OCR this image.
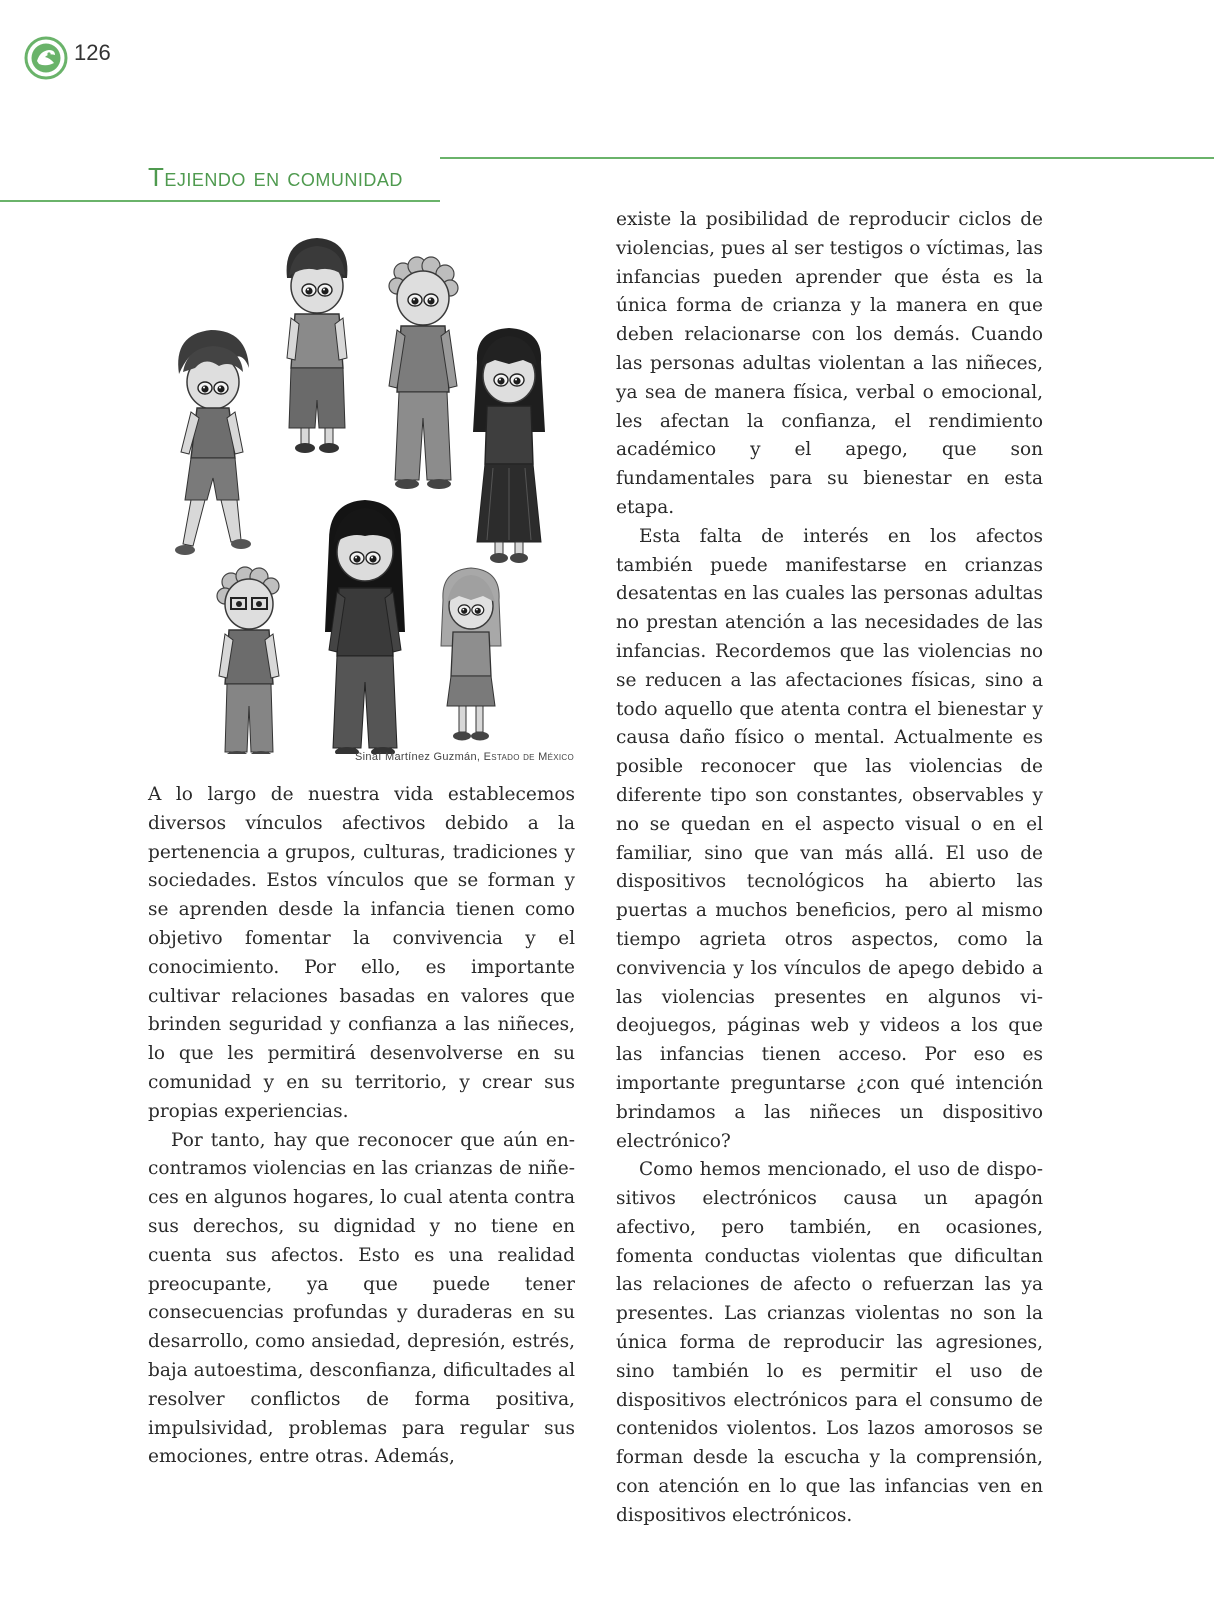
126
Tejiendo en comunidad
Sinaí Martínez Guzmán, Estado de México

A lo largo de nuestra vida establecemos diversos vínculos afectivos debido a la pertenencia a grupos, culturas, tradiciones y sociedades. Estos vínculos que se forman y se aprenden desde la infancia tienen como objetivo fomentar la convivencia y el conocimiento. Por ello, es importante cultivar relaciones basadas en valores que brinden seguridad y confianza a las niñeces, lo que les permitirá desenvolverse en su comunidad y en su territorio, y crear sus propias experiencias.

Por tanto, hay que reconocer que aún encontramos violencias en las crianzas de niñeces en algunos hogares, lo cual atenta contra sus derechos, su dignidad y no tiene en cuenta sus afectos. Esto es una realidad preocupante, ya que puede tener consecuencias profundas y duraderas en su desarrollo, como ansiedad, depresión, estrés, baja autoestima, desconfianza, dificultades al resolver conflictos de forma positiva, impulsividad, problemas para regular sus emociones, entre otras. Además,

existe la posibilidad de reproducir ciclos de violencias, pues al ser testigos o víctimas, las infancias pueden aprender que ésta es la única forma de crianza y la manera en que deben relacionarse con los demás. Cuando las personas adultas violentan a las niñeces, ya sea de manera física, verbal o emocional, les afectan la confianza, el rendimiento académico y el apego, que son fundamentales para su bienestar en esta etapa.

Esta falta de interés en los afectos también puede manifestarse en crianzas desatentas en las cuales las personas adultas no prestan atención a las necesidades de las infancias. Recordemos que las violencias no se reducen a las afectaciones físicas, sino a todo aquello que atenta contra el bienestar y causa daño físico o mental. Actualmente es posible reconocer que las violencias de diferente tipo son constantes, observables y no se quedan en el aspecto visual o en el familiar, sino que van más allá. El uso de dispositivos tecnológicos ha abierto las puertas a muchos beneficios, pero al mismo tiempo agrieta otros aspectos, como la convivencia y los vínculos de apego debido a las violencias presentes en algunos videojuegos, páginas web y videos a los que las infancias tienen acceso. Por eso es importante preguntarse ¿con qué intención brindamos a las niñeces un dispositivo electrónico?

Como hemos mencionado, el uso de dispositivos electrónicos causa un apagón afectivo, pero también, en ocasiones, fomenta conductas violentas que dificultan las relaciones de afecto o refuerzan las ya presentes. Las crianzas violentas no son la única forma de reproducir las agresiones, sino también lo es permitir el uso de dispositivos electrónicos para el consumo de contenidos violentos. Los lazos amorosos se forman desde la escucha y la comprensión, con atención en lo que las infancias ven en dispositivos electrónicos.
